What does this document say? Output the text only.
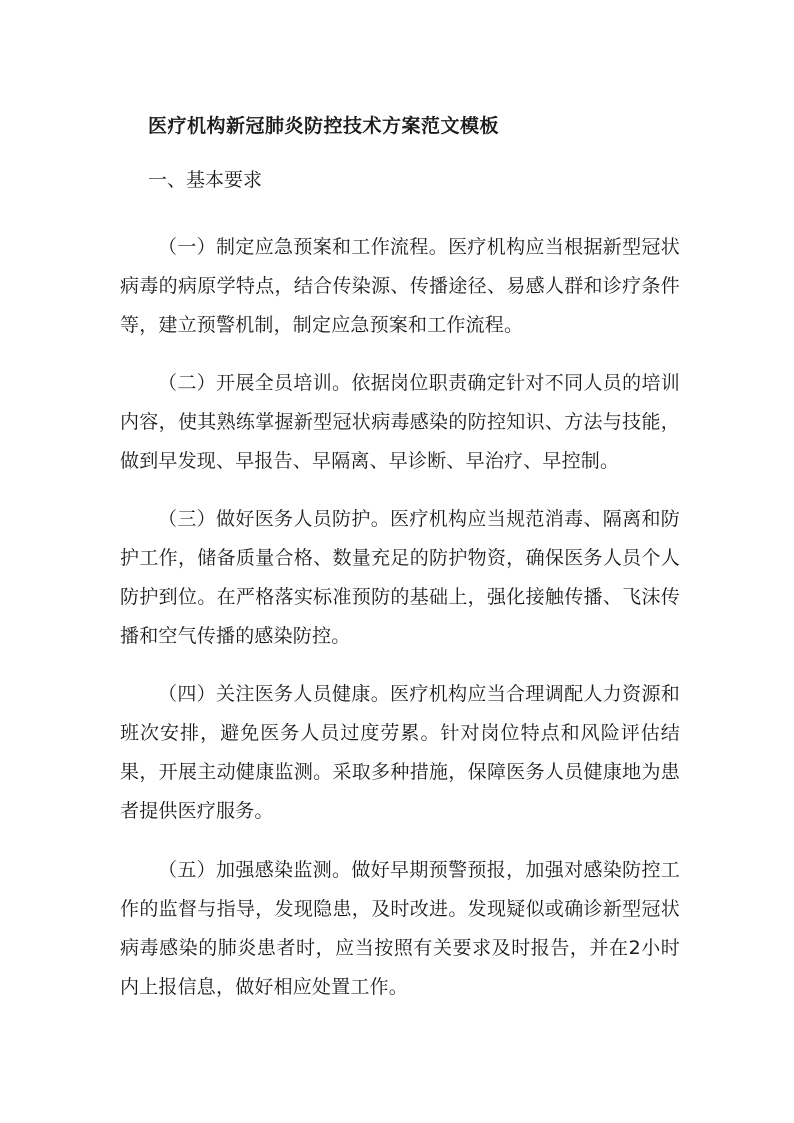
医疗机构新冠肺炎防控技术方案范文模板
一、基本要求

（一）制定应急预案和工作流程。医疗机构应当根据新型冠状病毒的病原学特点，结合传染源、传播途径、易感人群和诊疗条件等，建立预警机制，制定应急预案和工作流程。

（二）开展全员培训。依据岗位职责确定针对不同人员的培训内容，使其熟练掌握新型冠状病毒感染的防控知识、方法与技能，做到早发现、早报告、早隔离、早诊断、早治疗、早控制。

（三）做好医务人员防护。医疗机构应当规范消毒、隔离和防护工作，储备质量合格、数量充足的防护物资，确保医务人员个人防护到位。在严格落实标准预防的基础上，强化接触传播、飞沫传播和空气传播的感染防控。

（四）关注医务人员健康。医疗机构应当合理调配人力资源和班次安排，避免医务人员过度劳累。针对岗位特点和风险评估结果，开展主动健康监测。采取多种措施，保障医务人员健康地为患者提供医疗服务。

（五）加强感染监测。做好早期预警预报，加强对感染防控工作的监督与指导，发现隐患，及时改进。发现疑似或确诊新型冠状病毒感染的肺炎患者时，应当按照有关要求及时报告，并在2小时内上报信息，做好相应处置工作。
